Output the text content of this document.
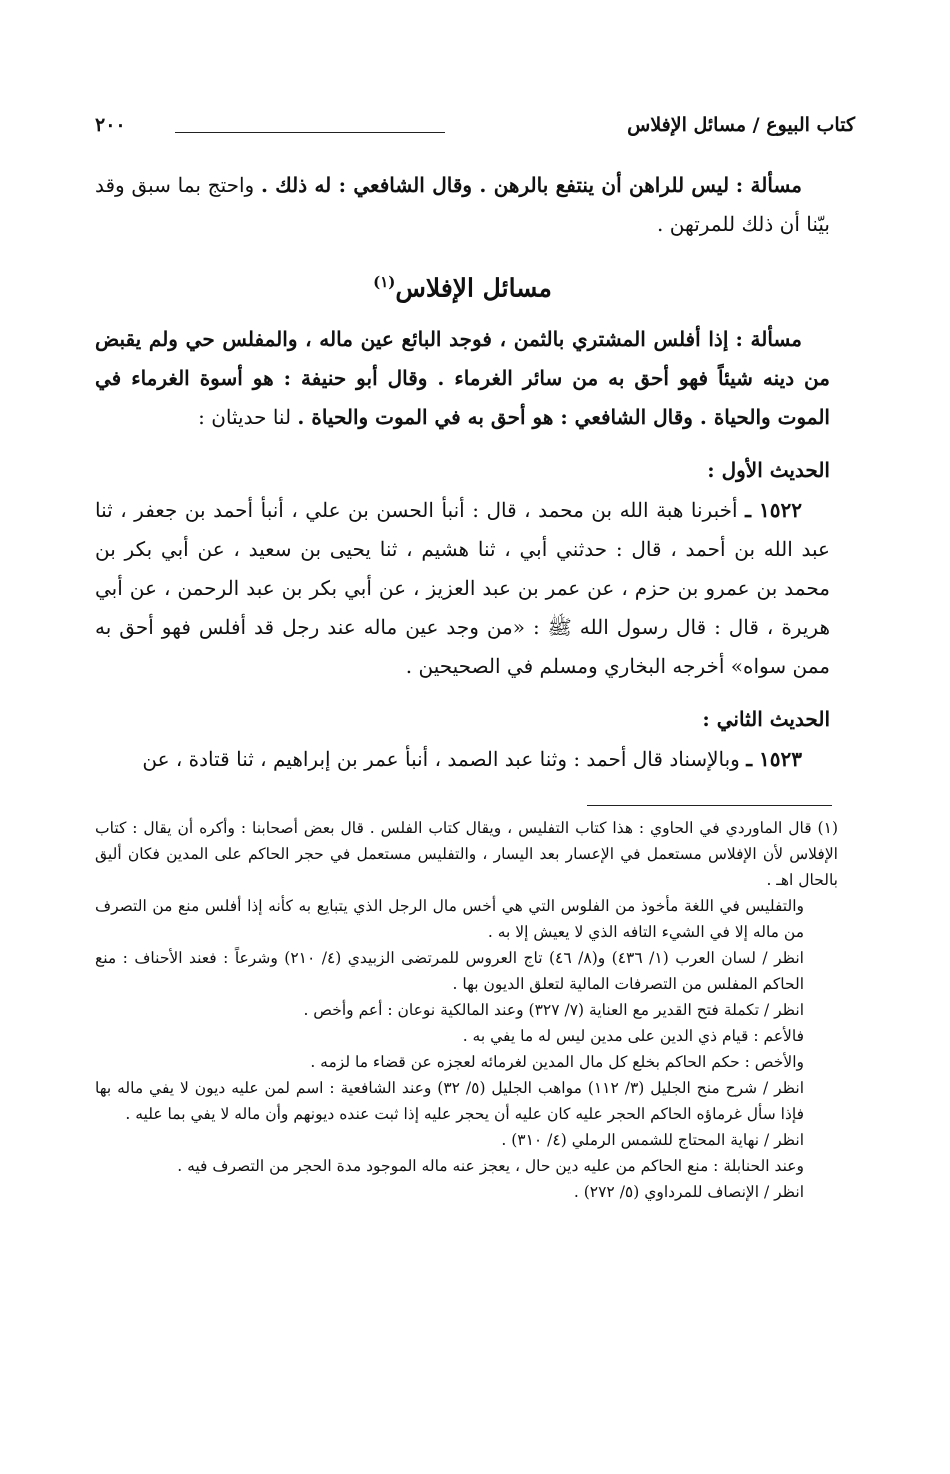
كتاب البيوع / مسائل الإفلاس
٢٠٠

مسألة : ليس للراهن أن ينتفع بالرهن . وقال الشافعي : له ذلك . واحتج بما سبق وقد بيّنا أن ذلك للمرتهن .

مسائل الإفلاس$^{(١)}$

مسألة : إذا أفلس المشتري بالثمن ، فوجد البائع عين ماله ، والمفلس حي ولم يقبض من دينه شيئاً فهو أحق به من سائر الغرماء . وقال أبو حنيفة : هو أسوة الغرماء في الموت والحياة . وقال الشافعي : هو أحق به في الموت والحياة . لنا حديثان :

الحديث الأول :

١٥٢٢ ـ أخبرنا هبة الله بن محمد ، قال : أنبأ الحسن بن علي ، أنبأ أحمد بن جعفر ، ثنا عبد الله بن أحمد ، قال : حدثني أبي ، ثنا هشيم ، ثنا يحيى بن سعيد ، عن أبي بكر بن محمد بن عمرو بن حزم ، عن عمر بن عبد العزيز ، عن أبي بكر بن عبد الرحمن ، عن أبي هريرة ، قال : قال رسول الله ﷺ : «من وجد عين ماله عند رجل قد أفلس فهو أحق به ممن سواه» أخرجه البخاري ومسلم في الصحيحين .

الحديث الثاني :

١٥٢٣ ـ وبالإسناد قال أحمد : وثنا عبد الصمد ، أنبأ عمر بن إبراهيم ، ثنا قتادة ، عن

(١) قال الماوردي في الحاوي : هذا كتاب التفليس ، ويقال كتاب الفلس . قال بعض أصحابنا : وأكره أن يقال : كتاب الإفلاس لأن الإفلاس مستعمل في الإعسار بعد اليسار ، والتفليس مستعمل في حجر الحاكم على المدين فكان أليق بالحال اهـ .

والتفليس في اللغة مأخوذ من الفلوس التي هي أخس مال الرجل الذي يتبايع به كأنه إذا أفلس منع من التصرف من ماله إلا في الشيء التافه الذي لا يعيش إلا به .

انظر / لسان العرب (١/ ٤٣٦) و(٨/ ٤٦) تاج العروس للمرتضى الزبيدي (٤/ ٢١٠) وشرعاً : فعند الأحناف : منع الحاكم المفلس من التصرفات المالية لتعلق الديون بها .

انظر / تكملة فتح القدير مع العناية (٧/ ٣٢٧) وعند المالكية نوعان : أعم وأخص .

فالأعم : قيام ذي الدين على مدين ليس له ما يفي به .

والأخص : حكم الحاكم بخلع كل مال المدين لغرمائه لعجزه عن قضاء ما لزمه .

انظر / شرح منح الجليل (٣/ ١١٢) مواهب الجليل (٥/ ٣٢) وعند الشافعية : اسم لمن عليه ديون لا يفي ماله بها فإذا سأل غرماؤه الحاكم الحجر عليه كان عليه أن يحجر عليه إذا ثبت عنده ديونهم وأن ماله لا يفي بما عليه .

انظر / نهاية المحتاج للشمس الرملي (٤/ ٣١٠) .

وعند الحنابلة : منع الحاكم من عليه دين حال ، يعجز عنه ماله الموجود مدة الحجر من التصرف فيه .

انظر / الإنصاف للمرداوي (٥/ ٢٧٢) .
